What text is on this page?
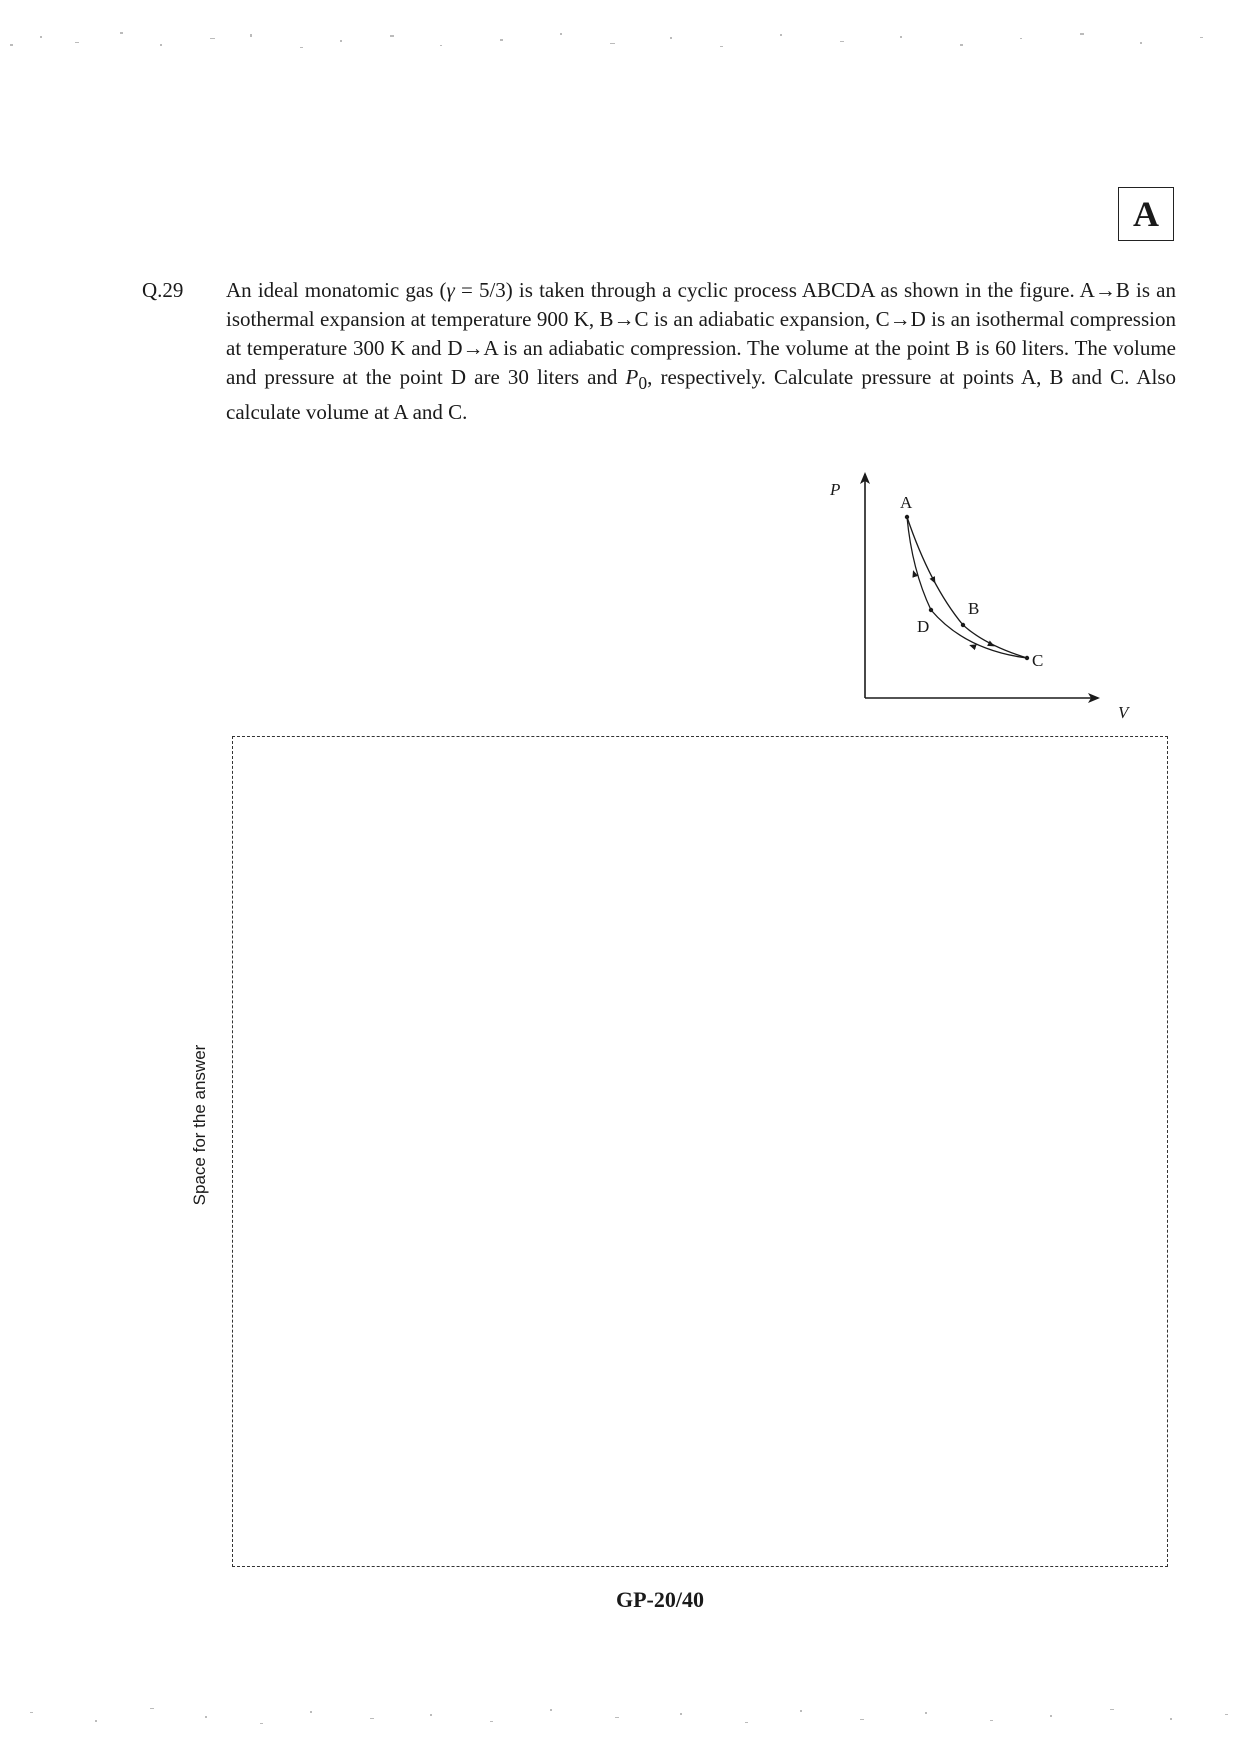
A
Q.29 An ideal monatomic gas (γ = 5/3) is taken through a cyclic process ABCDA as shown in the figure. A→B is an isothermal expansion at temperature 900 K, B→C is an adiabatic expansion, C→D is an isothermal compression at temperature 300 K and D→A is an adiabatic compression. The volume at the point B is 60 liters. The volume and pressure at the point D are 30 liters and $P_0$, respectively. Calculate pressure at points A, B and C. Also calculate volume at A and C.
P
V
A
B
C
D
Space for the answer
GP-20/40
